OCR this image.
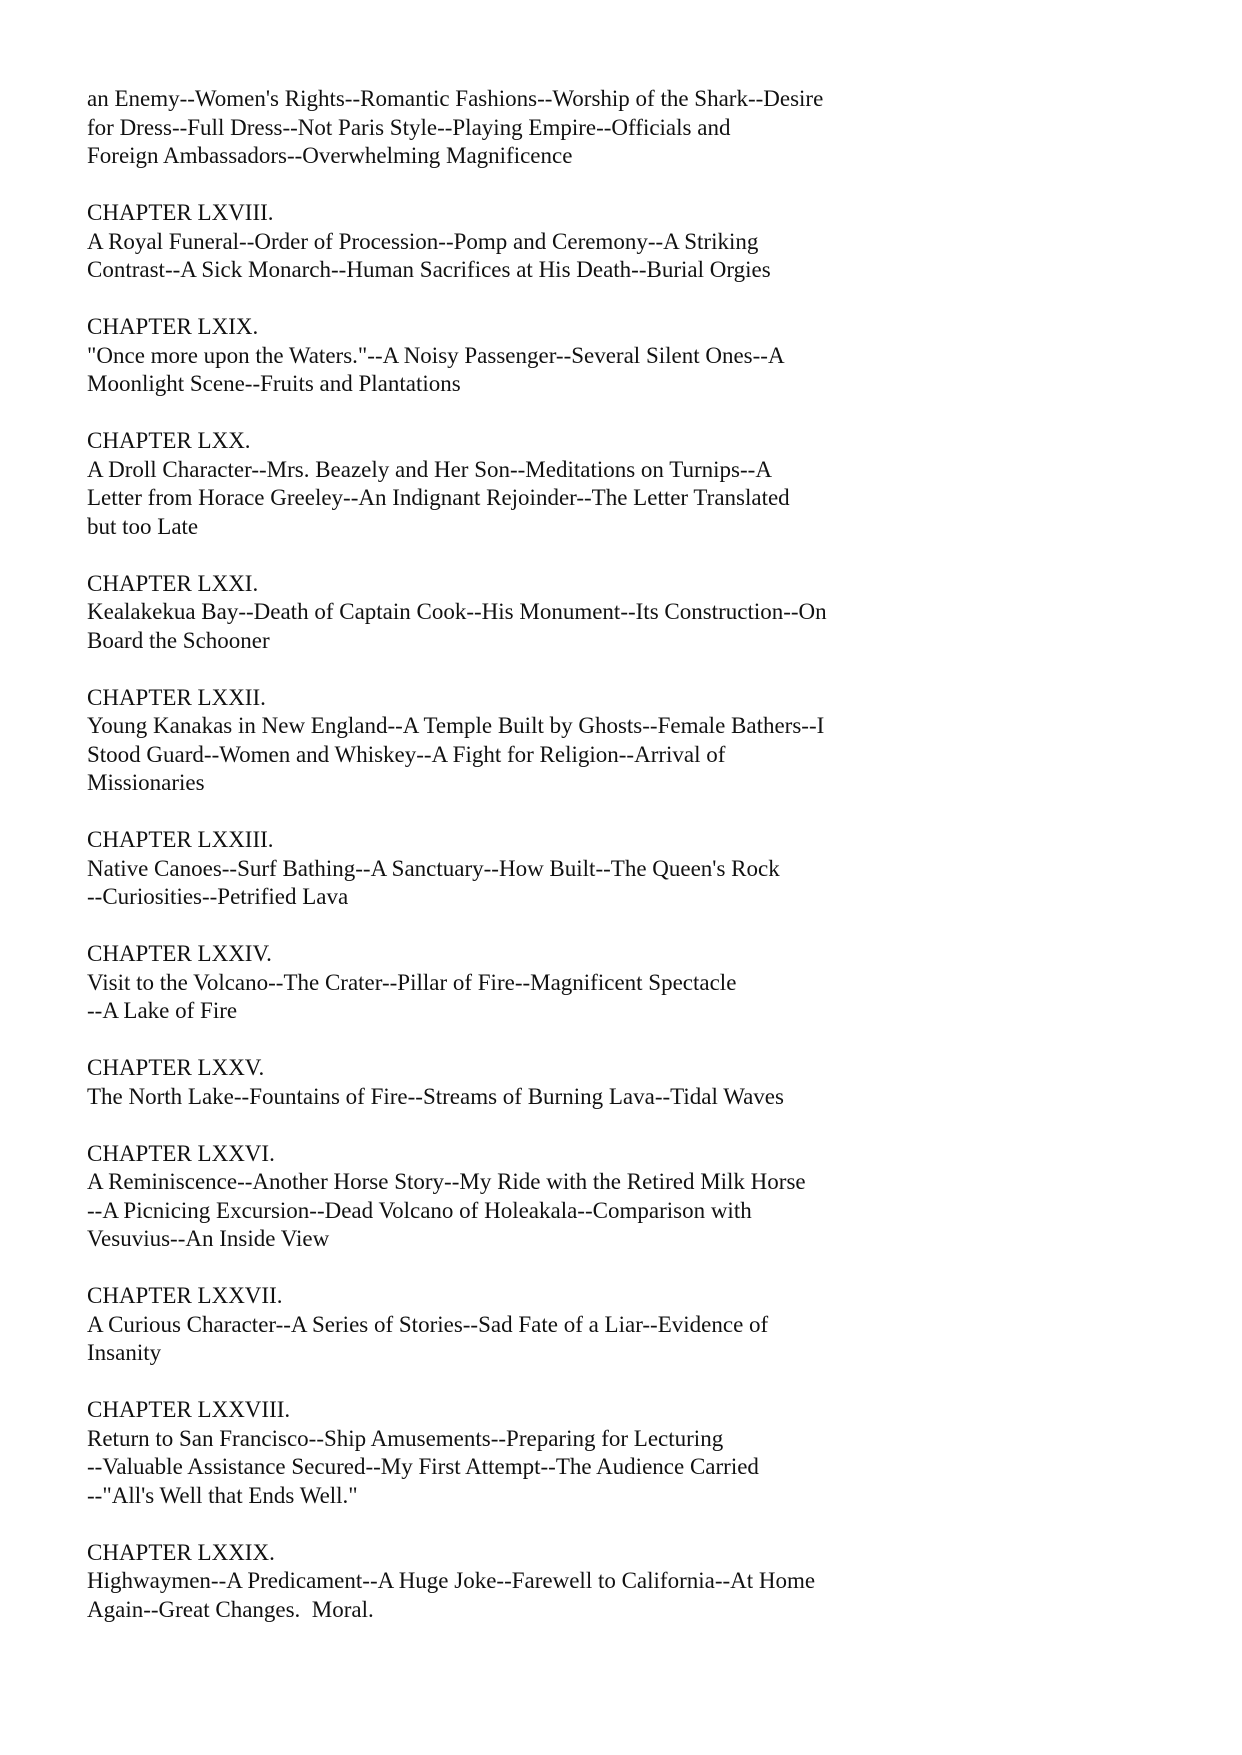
an Enemy--Women's Rights--Romantic Fashions--Worship of the Shark--Desire
for Dress--Full Dress--Not Paris Style--Playing Empire--Officials and
Foreign Ambassadors--Overwhelming Magnificence
CHAPTER LXVIII.
A Royal Funeral--Order of Procession--Pomp and Ceremony--A Striking
Contrast--A Sick Monarch--Human Sacrifices at His Death--Burial Orgies
CHAPTER LXIX.
"Once more upon the Waters."--A Noisy Passenger--Several Silent Ones--A
Moonlight Scene--Fruits and Plantations
CHAPTER LXX.
A Droll Character--Mrs. Beazely and Her Son--Meditations on Turnips--A
Letter from Horace Greeley--An Indignant Rejoinder--The Letter Translated
but too Late
CHAPTER LXXI.
Kealakekua Bay--Death of Captain Cook--His Monument--Its Construction--On
Board the Schooner
CHAPTER LXXII.
Young Kanakas in New England--A Temple Built by Ghosts--Female Bathers--I
Stood Guard--Women and Whiskey--A Fight for Religion--Arrival of
Missionaries
CHAPTER LXXIII.
Native Canoes--Surf Bathing--A Sanctuary--How Built--The Queen's Rock
--Curiosities--Petrified Lava
CHAPTER LXXIV.
Visit to the Volcano--The Crater--Pillar of Fire--Magnificent Spectacle
--A Lake of Fire
CHAPTER LXXV.
The North Lake--Fountains of Fire--Streams of Burning Lava--Tidal Waves
CHAPTER LXXVI.
A Reminiscence--Another Horse Story--My Ride with the Retired Milk Horse
--A Picnicing Excursion--Dead Volcano of Holeakala--Comparison with
Vesuvius--An Inside View
CHAPTER LXXVII.
A Curious Character--A Series of Stories--Sad Fate of a Liar--Evidence of
Insanity
CHAPTER LXXVIII.
Return to San Francisco--Ship Amusements--Preparing for Lecturing
--Valuable Assistance Secured--My First Attempt--The Audience Carried
--"All's Well that Ends Well."
CHAPTER LXXIX.
Highwaymen--A Predicament--A Huge Joke--Farewell to California--At Home
Again--Great Changes.  Moral.
